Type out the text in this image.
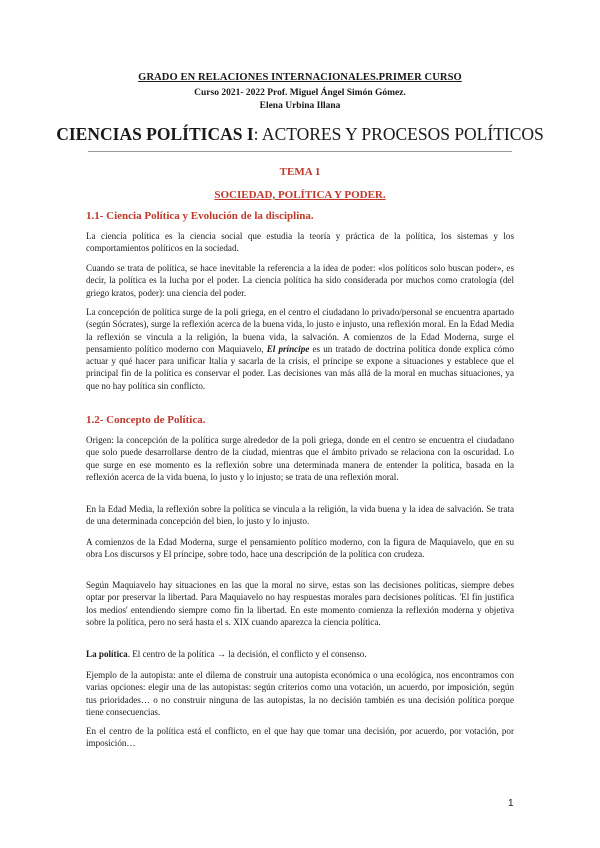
GRADO EN RELACIONES INTERNACIONALES.PRIMER CURSO
Curso 2021- 2022 Prof. Miguel Ángel Simón Gómez.
Elena Urbina Illana
CIENCIAS POLÍTICAS I: ACTORES Y PROCESOS POLÍTICOS
TEMA 1
SOCIEDAD, POLÍTICA Y PODER.
1.1- Ciencia Política y Evolución de la disciplina.
La ciencia política es la ciencia social que estudia la teoría y práctica de la política, los sistemas y los comportamientos políticos en la sociedad.
Cuando se trata de política, se hace inevitable la referencia a la idea de poder: «los políticos solo buscan poder», es decir, la política es la lucha por el poder. La ciencia política ha sido considerada por muchos como cratología (del griego kratos, poder): una ciencia del poder.
La concepción de política surge de la poli griega, en el centro el ciudadano lo privado/personal se encuentra apartado (según Sócrates), surge la reflexión acerca de la buena vida, lo justo e injusto, una reflexión moral. En la Edad Media la reflexión se vincula a la religión, la buena vida, la salvación. A comienzos de la Edad Moderna, surge el pensamiento político moderno con Maquiavelo, El príncipe es un tratado de doctrina política donde explica cómo actuar y qué hacer para unificar Italia y sacarla de la crisis, el príncipe se expone a situaciones y establece que el principal fin de la política es conservar el poder. Las decisiones van más allá de la moral en muchas situaciones, ya que no hay política sin conflicto.
1.2- Concepto de Política.
Origen: la concepción de la política surge alrededor de la poli griega, donde en el centro se encuentra el ciudadano que solo puede desarrollarse dentro de la ciudad, mientras que el ámbito privado se relaciona con la oscuridad. Lo que surge en ese momento es la reflexión sobre una determinada manera de entender la política, basada en la reflexión acerca de la vida buena, lo justo y lo injusto; se trata de una reflexión moral.
En la Edad Media, la reflexión sobre la política se vincula a la religión, la vida buena y la idea de salvación. Se trata de una determinada concepción del bien, lo justo y lo injusto.
A comienzos de la Edad Moderna, surge el pensamiento político moderno, con la figura de Maquiavelo, que en su obra Los discursos y El príncipe, sobre todo, hace una descripción de la política con crudeza.
Según Maquiavelo hay situaciones en las que la moral no sirve, estas son las decisiones políticas, siempre debes optar por preservar la libertad. Para Maquiavelo no hay respuestas morales para decisiones políticas. 'El fin justifica los medios' entendiendo siempre como fin la libertad. En este momento comienza la reflexión moderna y objetiva sobre la política, pero no será hasta el s. XIX cuando aparezca la ciencia política.
La política. El centro de la política → la decisión, el conflicto y el consenso.
Ejemplo de la autopista: ante el dilema de construir una autopista económica o una ecológica, nos encontramos con varias opciones: elegir una de las autopistas: según criterios como una votación, un acuerdo, por imposición, según tus prioridades… o no construir ninguna de las autopistas, la no decisión también es una decisión política porque tiene consecuencias.
En el centro de la política está el conflicto, en el que hay que tomar una decisión, por acuerdo, por votación, por imposición…
1
